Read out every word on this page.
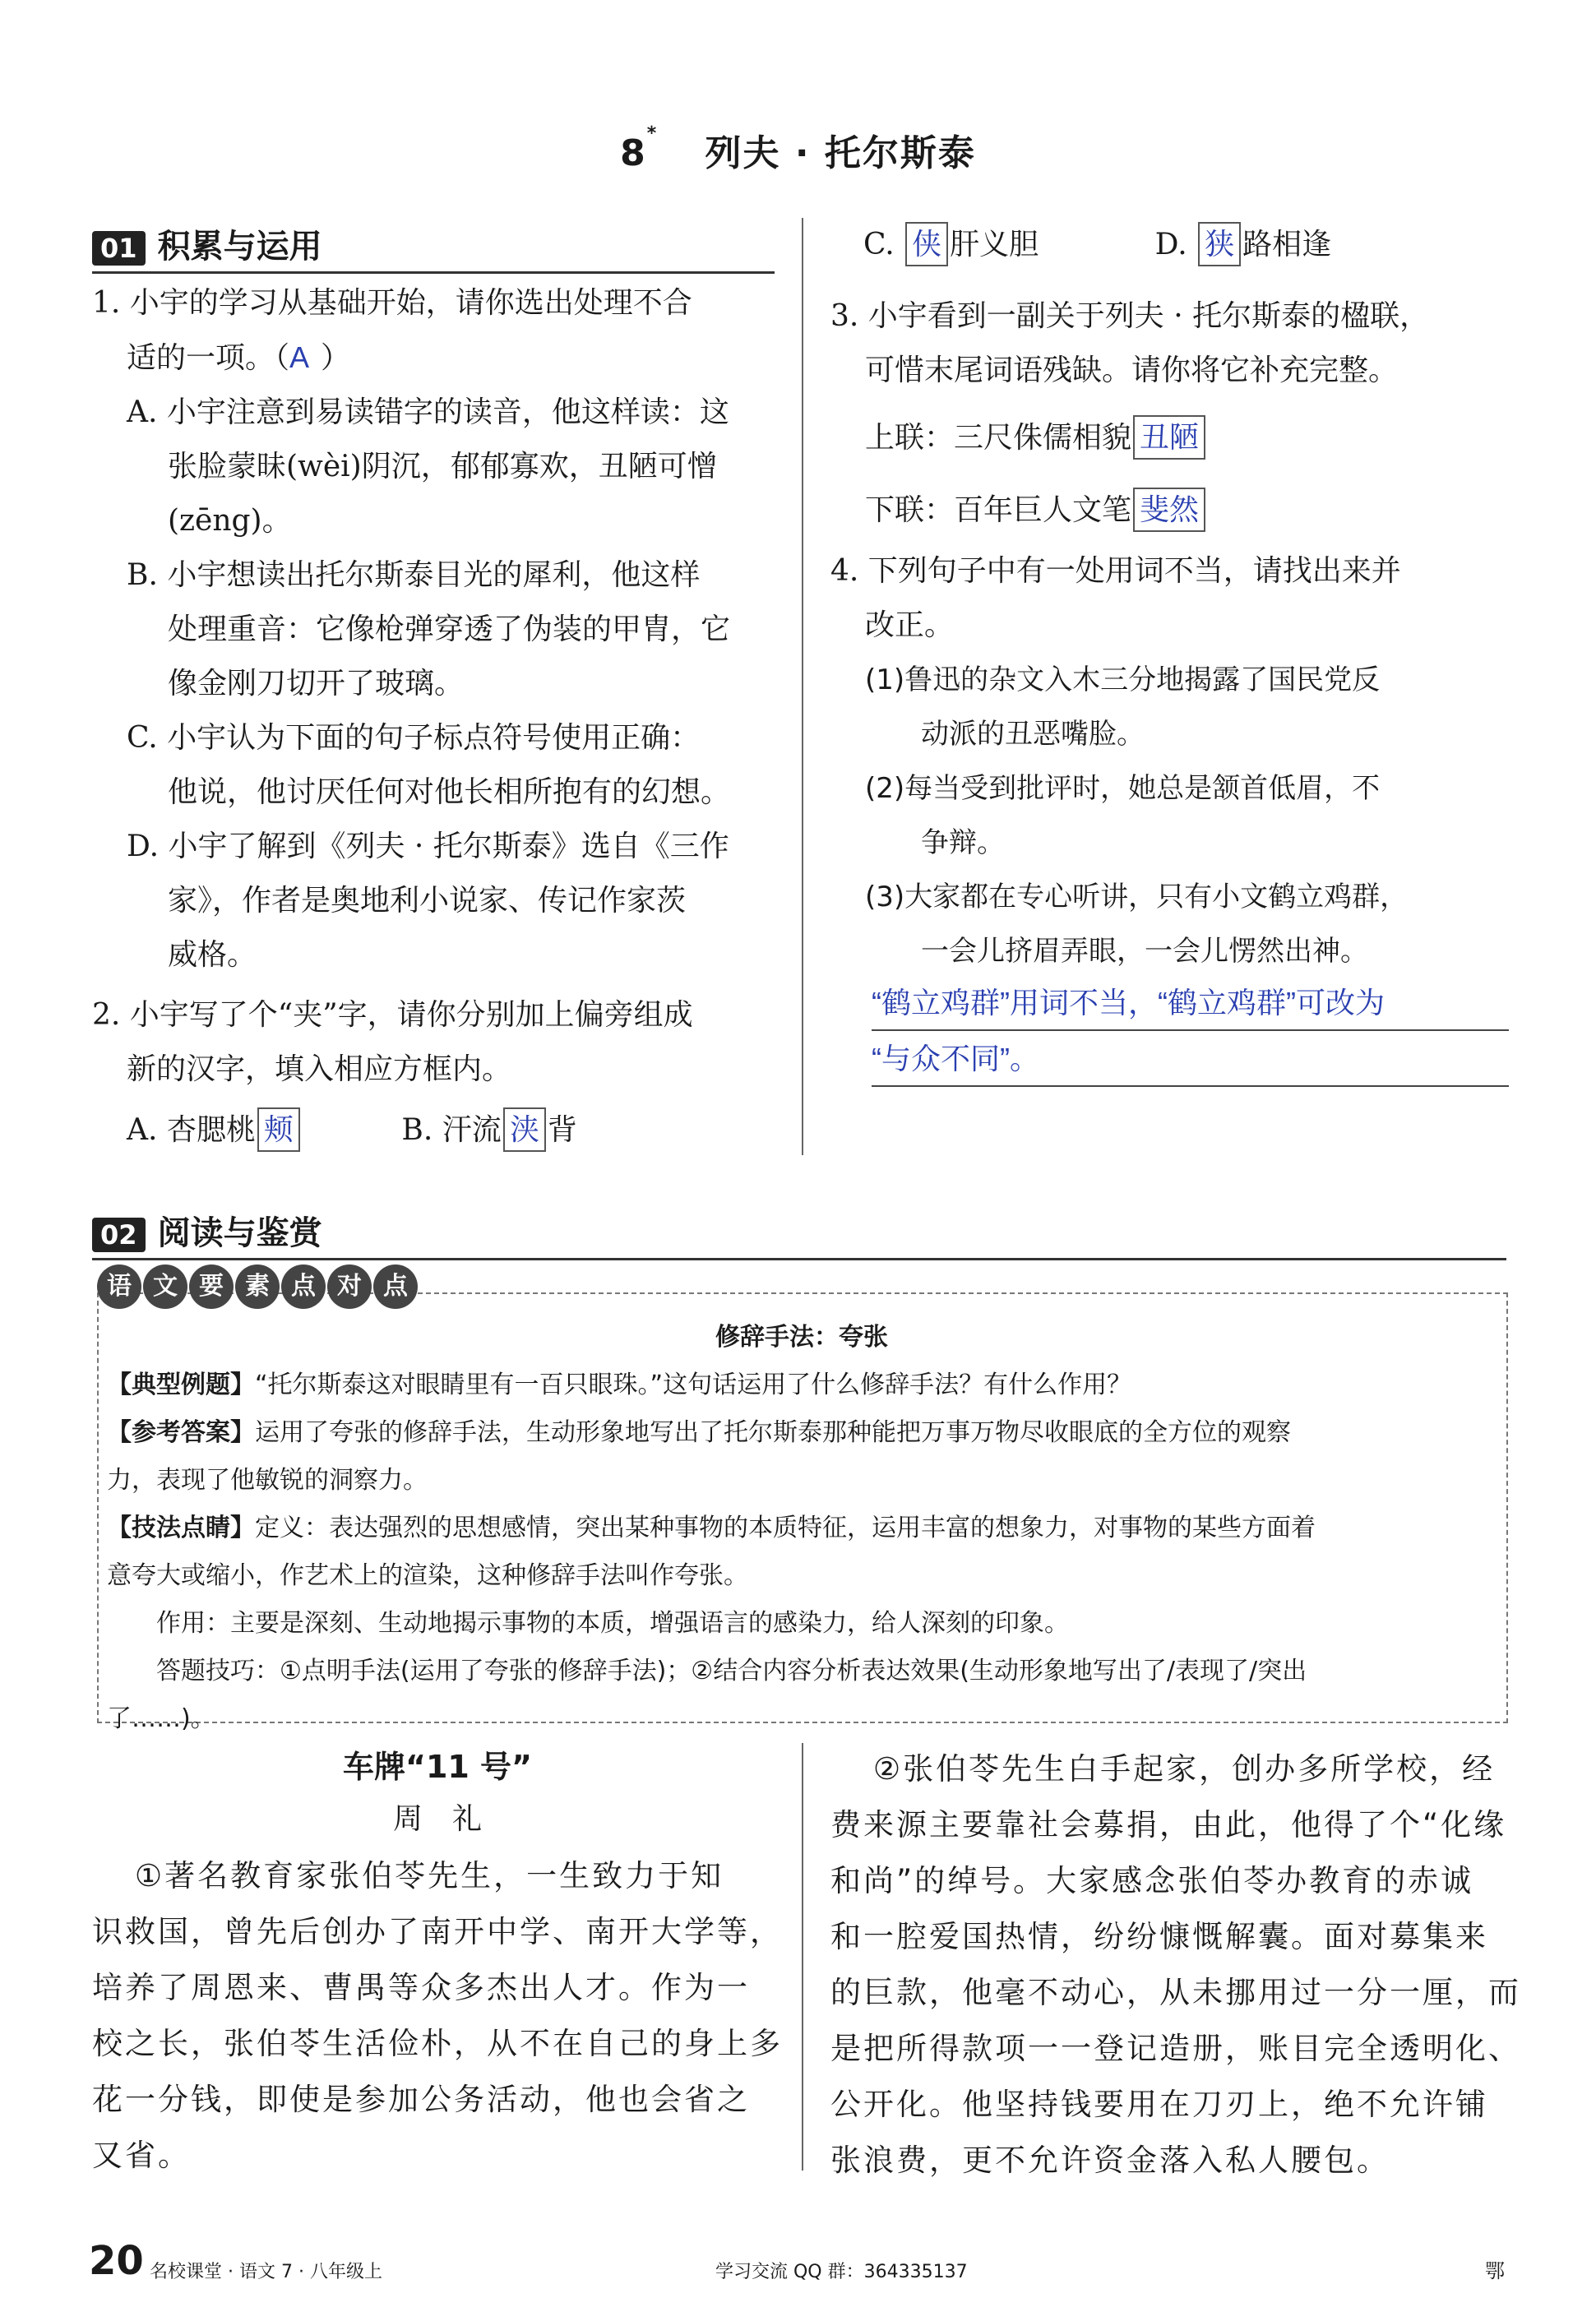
8* 列夫 · 托尔斯泰
01 积累与运用
1. 小宇的学习从基础开始，请你选出处理不合
适的一项。（A ）
A. 小宇注意到易读错字的读音，他这样读：这
张脸蒙昧(wèi)阴沉，郁郁寡欢，丑陋可憎
(zēng)。
B. 小宇想读出托尔斯泰目光的犀利，他这样
处理重音：它像枪弹穿透了伪装的甲胄，它
像金刚刀切开了玻璃。
C. 小宇认为下面的句子标点符号使用正确：
他说，他讨厌任何对他长相所抱有的幻想。
D. 小宇了解到《列夫 · 托尔斯泰》选自《三作
家》，作者是奥地利小说家、传记作家茨
威格。
2. 小宇写了个“夹”字，请你分别加上偏旁组成
新的汉字，填入相应方框内。
A. 杏腮桃 颊	B. 汗流 浃 背
C. 侠 肝义胆	D. 狭 路相逢
3. 小宇看到一副关于列夫 · 托尔斯泰的楹联，
可惜末尾词语残缺。请你将它补充完整。
上联：三尺侏儒相貌 丑陋
下联：百年巨人文笔 斐然
4. 下列句子中有一处用词不当，请找出来并
改正。
(1)鲁迅的杂文入木三分地揭露了国民党反
动派的丑恶嘴脸。
(2)每当受到批评时，她总是颔首低眉，不
争辩。
(3)大家都在专心听讲，只有小文鹤立鸡群，
一会儿挤眉弄眼，一会儿愣然出神。
“鹤立鸡群”用词不当，“鹤立鸡群”可改为
“与众不同”。
02 阅读与鉴赏
语 文 要 素 点 对 点
修辞手法：夸张
【典型例题】“托尔斯泰这对眼睛里有一百只眼珠。”这句话运用了什么修辞手法？有什么作用？
【参考答案】运用了夸张的修辞手法，生动形象地写出了托尔斯泰那种能把万事万物尽收眼底的全方位的观察
力，表现了他敏锐的洞察力。
【技法点睛】定义：表达强烈的思想感情，突出某种事物的本质特征，运用丰富的想象力，对事物的某些方面着
意夸大或缩小，作艺术上的渲染，这种修辞手法叫作夸张。
作用：主要是深刻、生动地揭示事物的本质，增强语言的感染力，给人深刻的印象。
答题技巧：①点明手法(运用了夸张的修辞手法)；②结合内容分析表达效果(生动形象地写出了/表现了/突出
了……)。
车牌“11 号”
周　礼
①著名教育家张伯苓先生，一生致力于知
识救国，曾先后创办了南开中学、南开大学等，
培养了周恩来、曹禺等众多杰出人才。作为一
校之长，张伯苓生活俭朴，从不在自己的身上多
花一分钱，即使是参加公务活动，他也会省之
又省。
②张伯苓先生白手起家，创办多所学校，经
费来源主要靠社会募捐，由此，他得了个“化缘
和尚”的绰号。大家感念张伯苓办教育的赤诚
和一腔爱国热情，纷纷慷慨解囊。面对募集来
的巨款，他毫不动心，从未挪用过一分一厘，而
是把所得款项一一登记造册，账目完全透明化、
公开化。他坚持钱要用在刀刃上，绝不允许铺
张浪费，更不允许资金落入私人腰包。
20 名校课堂 · 语文 7 · 八年级上	学习交流 QQ 群：364335137	鄂
